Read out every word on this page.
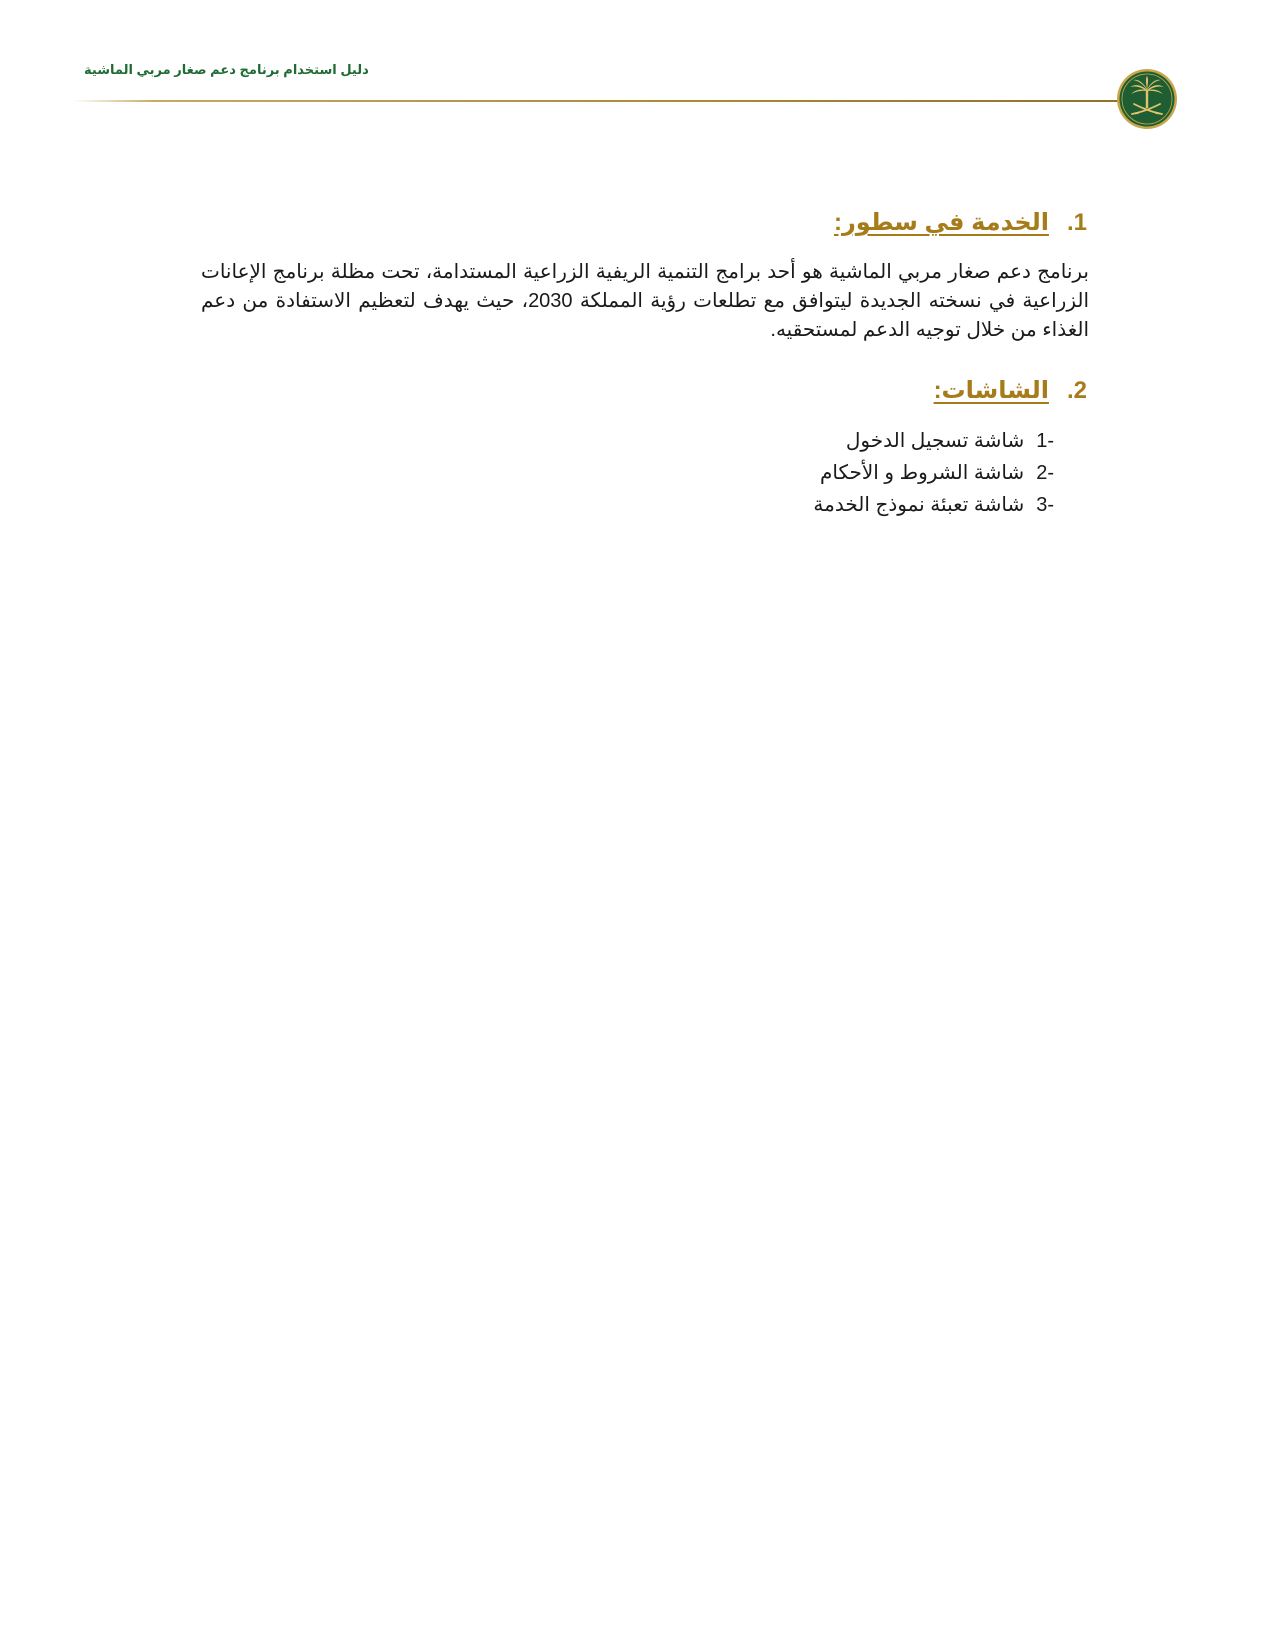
دليل استخدام برنامج دعم صغار مربي الماشية
1.الخدمة في سطور:
برنامج دعم صغار مربي الماشية هو أحد برامج التنمية الريفية الزراعية المستدامة، تحت مظلة برنامج الإعانات الزراعية في نسخته الجديدة ليتوافق مع تطلعات رؤية المملكة 2030، حيث يهدف لتعظيم الاستفادة من دعم الغذاء من خلال توجيه الدعم لمستحقيه.
2.الشاشات:
1-شاشة تسجيل الدخول
2-شاشة الشروط و الأحكام
3-شاشة تعبئة نموذج الخدمة
